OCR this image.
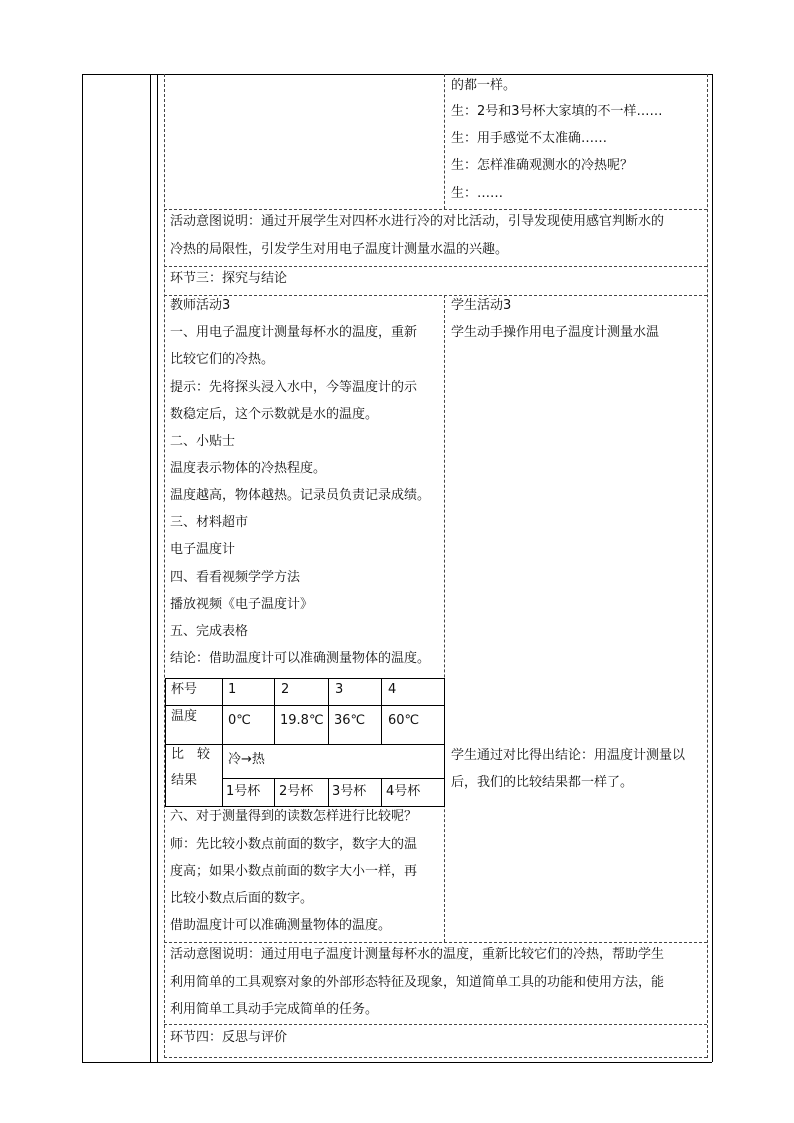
的都一样。
生：2号和3号杯大家填的不一样……
生：用手感觉不太准确……
生：怎样准确观测水的冷热呢？
生：……
活动意图说明：通过开展学生对四杯水进行冷的对比活动，引导发现使用感官判断水的
冷热的局限性，引发学生对用电子温度计测量水温的兴趣。
环节三：探究与结论
教师活动3
一、用电子温度计测量每杯水的温度，重新
比较它们的冷热。
提示：先将探头浸入水中，今等温度计的示
数稳定后，这个示数就是水的温度。
二、小贴士
温度表示物体的冷热程度。
温度越高，物体越热。记录员负责记录成绩。
三、材料超市
电子温度计
四、看看视频学学方法
播放视频《电子温度计》
五、完成表格
结论：借助温度计可以准确测量物体的温度。
杯号 1	2	3	4
温度 0℃ 19.8℃ 36℃ 60℃
比　较
结果
冷→热
1号杯 2号杯 3号杯 4号杯
六、对于测量得到的读数怎样进行比较呢？
师：先比较小数点前面的数字，数字大的温
度高；如果小数点前面的数字大小一样，再
比较小数点后面的数字。
借助温度计可以准确测量物体的温度。
学生活动3
学生动手操作用电子温度计测量水温
学生通过对比得出结论：用温度计测量以
后，我们的比较结果都一样了。
活动意图说明：通过用电子温度计测量每杯水的温度，重新比较它们的冷热，帮助学生
利用简单的工具观察对象的外部形态特征及现象，知道简单工具的功能和使用方法，能
利用简单工具动手完成简单的任务。
环节四：反思与评价
